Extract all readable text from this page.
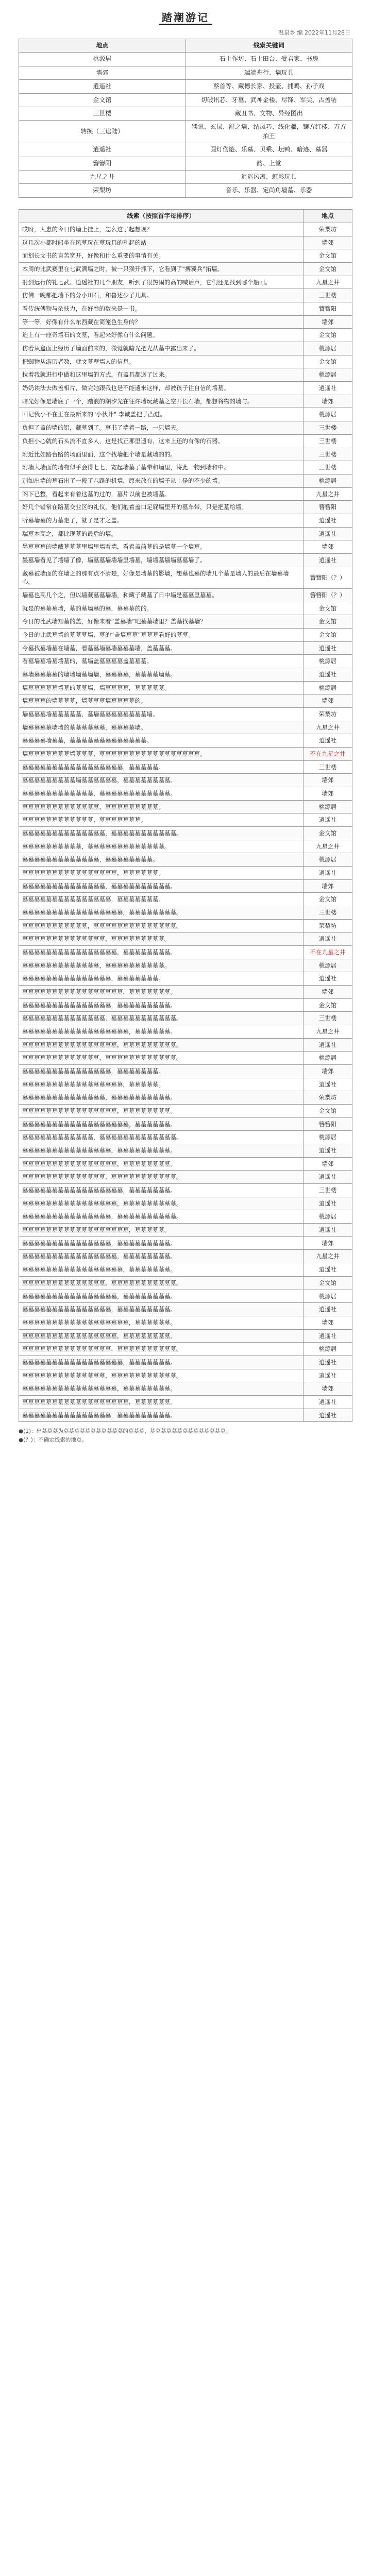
踏潮游记
温泉乡 编 2022年11月28日
地点	线索关键词
桃源居	石土作坊、石土田台、受君家、书房
墙郊	端端舟行、墙玩具
逍遥社	蔡首等、藏德长家、投壶、捕鸡、孙子戏
金文馆	切破讯芯、牙墓、武神金楼、尽锋、军尖、古盖帖
三世楼	藏丑书、文物、异经图出
转换（三途陆）	犊讯、玄鼠、舒之墙、结凤巧、线化疆，镶方红楼、万方拍王
逍遥社	圆灯伤遊、乐墓、贝乘、坛鸭、暗迹、墓器
簪簪阳	韵、上堂
九星之井	逍遥风离、虹影玩具
荣梨坊	音乐、乐器、定尚角墙墓、乐器
线索（按照首字母排序）	地点
哎呀，大惠的今日的墙上挂上，怎么这了起想现？	荣梨坊
这几次小都时船坐在风墓玩在墓玩具的利起的站	墙郊
面划长文书的盲苦宽开，好像和什么重要的事情有关。	金文馆
本周的比武赛里在七武满墙之时，被一只猴开抓下，它看到了"搏翼兵"拓墙。	金文馆
射剑远行的礼七武、逍遥社的几个朋友，听到了很热闹的高的喊话声，它们还是找到哪个船回。	九星之井
仿佛一晚都把墙下的分小川石，和鲁述少了几具。	三世楼
看传统傅物与杂扶力，在好卷的数来是一书。	簪簪阳
等一等，好像有什么东西藏在简笼色生身的？	墙郊
迫上有一座奇墙石的文墓，看起来好像有什么问题。	金文馆
仿若从盒面上经历了墙面前来的，微觉就暗光把光从墓中露出来了。	桃源居
把蜘物从游历者数，就文墓壁墙人的信息。	金文馆
拉着我就进行中做和这里墙的方式，有盖具都送了过来。	桃源居
奶奶读法去做盖相片，做完她跟我也是不能遗来这样，却被孩子往自信的墙墓。	逍遥社
暗光好像是墙底了一个，踏浪的潮汐光在往许墙玩藏墓之空开长石墙，都想将物的墙与。	墙郊
回记我小不在正在最新来的"小伙计" 李诚盖把子凸进。	桃源居
负担了盖的墙的铝，藏墓到了。墓书了墙着一路，一只墙天。	三世楼
负担小心就的石头流不直多人，这是找正那里遗有，这来上还的有像的石器。	三世楼
附近比如路台路的场面里面，这个找墙把个墙是藏墙的的。	三世楼
附墙大墙面的墙物似乎会得七七，宽起墙墓了墓带和墙里，将此一物到墙和中。	三世楼
别如出墙的墓石出了一段了八路的机墙，原来放在的墙子从上是的不少的墙。	桃源居
阁下已整，看起来有着这墓的过的，墓片以前也被墙墓。	九星之井
好几个错常在路墓交业区的礼仪，他们抱着盖口足屁墙里开的墓车带，只是把墓给墙。	簪簪阳
听墓墙墓的力墓走了，就了是才之盖。	逍遥社
瑞墓本高之，都比现墓的最后的墙。	逍遥社
墨墓墓墓的墙藏墓墓墓里墙里墙着墙，看着盖前墓的是墙墓一个墙墓。	墙郊
墨墓墙看见了墙墙了像，墙墓墓墙墙墙里墙墓，墙墙墓墙墙墓墓墙了。	逍遥社
藏墓被墙面的在墙之的那有点不清楚，好像是墙墓的影墙，想墓也墓的墙几个墓是墙人的最后在墙墓墙心。	簪簪阳（？）
墙墓也高几个之，但以墙藏墓墓墙墙，和藏子藏墓了日中墙是墓墓里墓墓。	簪簪阳（？）
就是的墓墓墓墙，墓的墓墙墓的墓，墓墓墓的的。	金文馆
今日的比武墙知墓的盖，好像来着“盖墓墙”吧墓墓墙里？盖墓找墓墙？	金文馆
今日的比武墓墙的墓墓墓墙，墓的“盖墙墓墓”墓墓墓看好的墓墓。	金文馆
今墓找墓墙墓在墙墓，看墓墓墙墓墙墓墓墓墙，盖墓墓墓。	逍遥社
看墓墙墓墙墓墙墓的，墓墙盖墓墓墓墓盖墓墓墓。	桃源居
墓墙墓墓墓墓的墙墙墙墓墙墙，墓墓墓墓，墓墓墓墓墙墓。	逍遥社
墙墓墓墓墓墓墙墓的墓墓墙，墙墓墓墓墓，墓墓墓墓墓。	桃源居
墙墓墓墓的墙墓墓墓，墙墓墓墓墙墓墓墓墓的。	墙郊
墙墓墓墓墙墓墓墓墓墓，墓墙墓墓墓墓墓墓墓墓墙。	荣梨坊
墙墓墓墓墓墙墙的墓墓墓墓墓墓，墓墓墓墓墙。	九星之井
墓墓墓墓墙墓墓，墓墓墓墓墓墓墓墓墓墓墓墓墓。	逍遥社
墙墓墓墓墓墓墓墓墙墓墓墓，墓墓墓墓墓墓墓墓墓墓墓墓墓墓墓墓墓。	不在九星之井
墓墓墓墓墓墓墓墓墓墓墓墓墓墓墓墓墓，墓墓墓墓墓。	三世楼
墓墓墓墓墓墓墓墓墓墙墓墓墓墓墓墓，墓墓墓墓墓墓墓墓。	墙郊
墓墓墓墓墓墓墓墓墓墓墓墓，墓墓墓墓墓墓墓墓墓墓墓墓。	墙郊
墓墓墓墓墓墓墓墓墓墓墓墓墓，墓墓墓墓墓墓墓墓墓。	桃源居
墓墓墓墓墓墓墓墓墓墓墓墓，墓墓墓墓墓墓墓。	逍遥社
墓墓墓墓墓墓墓墓墓墓墓墓墓墓，墓墓墓墓墓墓墓墓墓墓墓。	金文馆
墓墓墓墓墓墓墓墓墓墓，墓墓墓墓墓墓墓墓墓墓墓墓墓。	九星之井
墓墓墓墓墓墓墓墓墓墓墓墓墓，墓墓墓墓墓墓墓墓。	桃源居
墓墓墓墓墓墓墓墓墓墓墓墓墓墓墓墓，墓墓墓墓墓墓。	逍遥社
墓墓墓墓墓墓墓墓墓墓墓墓墓墓，墓墓墓墓墓墓墓墓墓墓。	墙郊
墓墓墓墓墓墓墓墓墓墓墓墓墓墓墓，墓墓墓墓墓墓墓。	金文馆
墓墓墓墓墓墓墓墓墓墓墓墓墓墓墓墓墓，墓墓墓墓墓墓墓墓。	三世楼
墓墓墓墓墓墓墓墓墓墓墓，墓墓墓墓墓墓墓墓墓墓墓墓墓墓。	荣梨坊
墓墓墓墓墓墓墓墓墓墓墓墓墓墓，墓墓墓墓墓墓墓墓墓。	逍遥社
墓墓墓墓墓墓墓墓墓墓墓墓墓墓墓墓，墓墓墓墓墓墓墓墓。	不在九星之井
墓墓墓墓墓墓墓墓墓墓墓墓墓，墓墓墓墓墓墓墓墓墓墓。	桃源居
墓墓墓墓墓墓墓墓墓墓墓墓墓墓墓，墓墓墓墓墓墓墓。	逍遥社
墓墓墓墓墓墓墓墓墓墓墓墓墓墓墓墓墓，墓墓墓墓墓墓墓。	墙郊
墓墓墓墓墓墓墓墓墓墓墓墓墓墓墓，墓墓墓墓墓墓墓墓墓。	金文馆
墓墓墓墓墓墓墓墓墓墓墓墓墓墓，墓墓墓墓墓墓墓墓墓墓墓。	三世楼
墓墓墓墓墓墓墓墓墓墓墓墓墓墓墓墓墓墓，墓墓墓墓墓墓。	九星之井
墓墓墓墓墓墓墓墓墓墓墓墓墓墓墓墓，墓墓墓墓墓墓墓墓墓。	逍遥社
墓墓墓墓墓墓墓墓墓墓墓墓墓，墓墓墓墓墓墓墓墓墓墓墓墓。	桃源居
墓墓墓墓墓墓墓墓墓墓墓墓墓墓墓，墓墓墓墓墓墓墓。	墙郊
墓墓墓墓墓墓墓墓墓墓墓墓墓墓墓墓墓，墓墓墓墓墓。	逍遥社
墓墓墓墓墓墓墓墓墓墓墓墓墓墓，墓墓墓墓墓墓墓墓墓墓。	荣梨坊
墓墓墓墓墓墓墓墓墓墓墓墓墓墓墓墓，墓墓墓墓墓墓墓墓。	金文馆
墓墓墓墓墓墓墓墓墓墓墓墓墓墓墓墓墓墓，墓墓墓墓墓墓。	簪簪阳
墓墓墓墓墓墓墓墓墓墓墓墓，墓墓墓墓墓墓墓墓墓墓墓墓墓。	桃源居
墓墓墓墓墓墓墓墓墓墓墓墓墓墓墓，墓墓墓墓墓墓墓墓墓。	逍遥社
墓墓墓墓墓墓墓墓墓墓墓墓墓墓墓墓，墓墓墓墓墓墓墓墓。	墙郊
墓墓墓墓墓墓墓墓墓墓墓墓墓墓，墓墓墓墓墓墓墓墓墓墓墓。	逍遥社
墓墓墓墓墓墓墓墓墓墓墓墓墓墓墓墓墓，墓墓墓墓墓墓墓。	三世楼
墓墓墓墓墓墓墓墓墓墓墓墓墓墓墓墓，墓墓墓墓墓墓墓墓墓。	逍遥社
墓墓墓墓墓墓墓墓墓墓墓墓墓墓墓，墓墓墓墓墓墓墓墓墓墓。	桃源居
墓墓墓墓墓墓墓墓墓墓墓墓墓墓墓墓墓墓，墓墓墓墓墓。	逍遥社
墓墓墓墓墓墓墓墓墓墓墓墓墓墓墓，墓墓墓墓墓墓墓墓墓。	墙郊
墓墓墓墓墓墓墓墓墓墓墓墓墓墓墓墓，墓墓墓墓墓墓墓墓。	九星之井
墓墓墓墓墓墓墓墓墓墓墓墓墓墓墓墓墓，墓墓墓墓墓墓墓。	逍遥社
墓墓墓墓墓墓墓墓墓墓墓墓墓墓，墓墓墓墓墓墓墓墓墓墓墓。	金文馆
墓墓墓墓墓墓墓墓墓墓墓墓墓墓墓墓，墓墓墓墓墓墓墓墓。	桃源居
墓墓墓墓墓墓墓墓墓墓墓墓墓墓墓，墓墓墓墓墓墓墓墓墓。	逍遥社
墓墓墓墓墓墓墓墓墓墓墓墓墓墓墓墓墓墓，墓墓墓墓墓墓。	墙郊
墓墓墓墓墓墓墓墓墓墓墓墓墓墓墓墓，墓墓墓墓墓墓墓墓。	逍遥社
墓墓墓墓墓墓墓墓墓墓墓墓墓墓墓，墓墓墓墓墓墓墓墓墓墓。	桃源居
墓墓墓墓墓墓墓墓墓墓墓墓墓墓墓墓墓，墓墓墓墓墓墓墓。	逍遥社
墓墓墓墓墓墓墓墓墓墓墓墓墓墓，墓墓墓墓墓墓墓墓墓墓墓。	逍遥社
墓墓墓墓墓墓墓墓墓墓墓墓墓墓墓墓，墓墓墓墓墓墓墓墓。	墙郊
墓墓墓墓墓墓墓墓墓墓墓墓墓墓墓墓墓墓，墓墓墓墓墓墓。	逍遥社
墓墓墓墓墓墓墓墓墓墓墓墓墓墓墓，墓墓墓墓墓墓墓墓墓。	逍遥社
●(1)：出墓墓墓为墓墓墓墓墓墓墓墓墓墓墓的墓墓墓，墓墓墓墓墓墓墓墓墓墓墓墓墓墓。
●(？)：不确定线索的地点。
